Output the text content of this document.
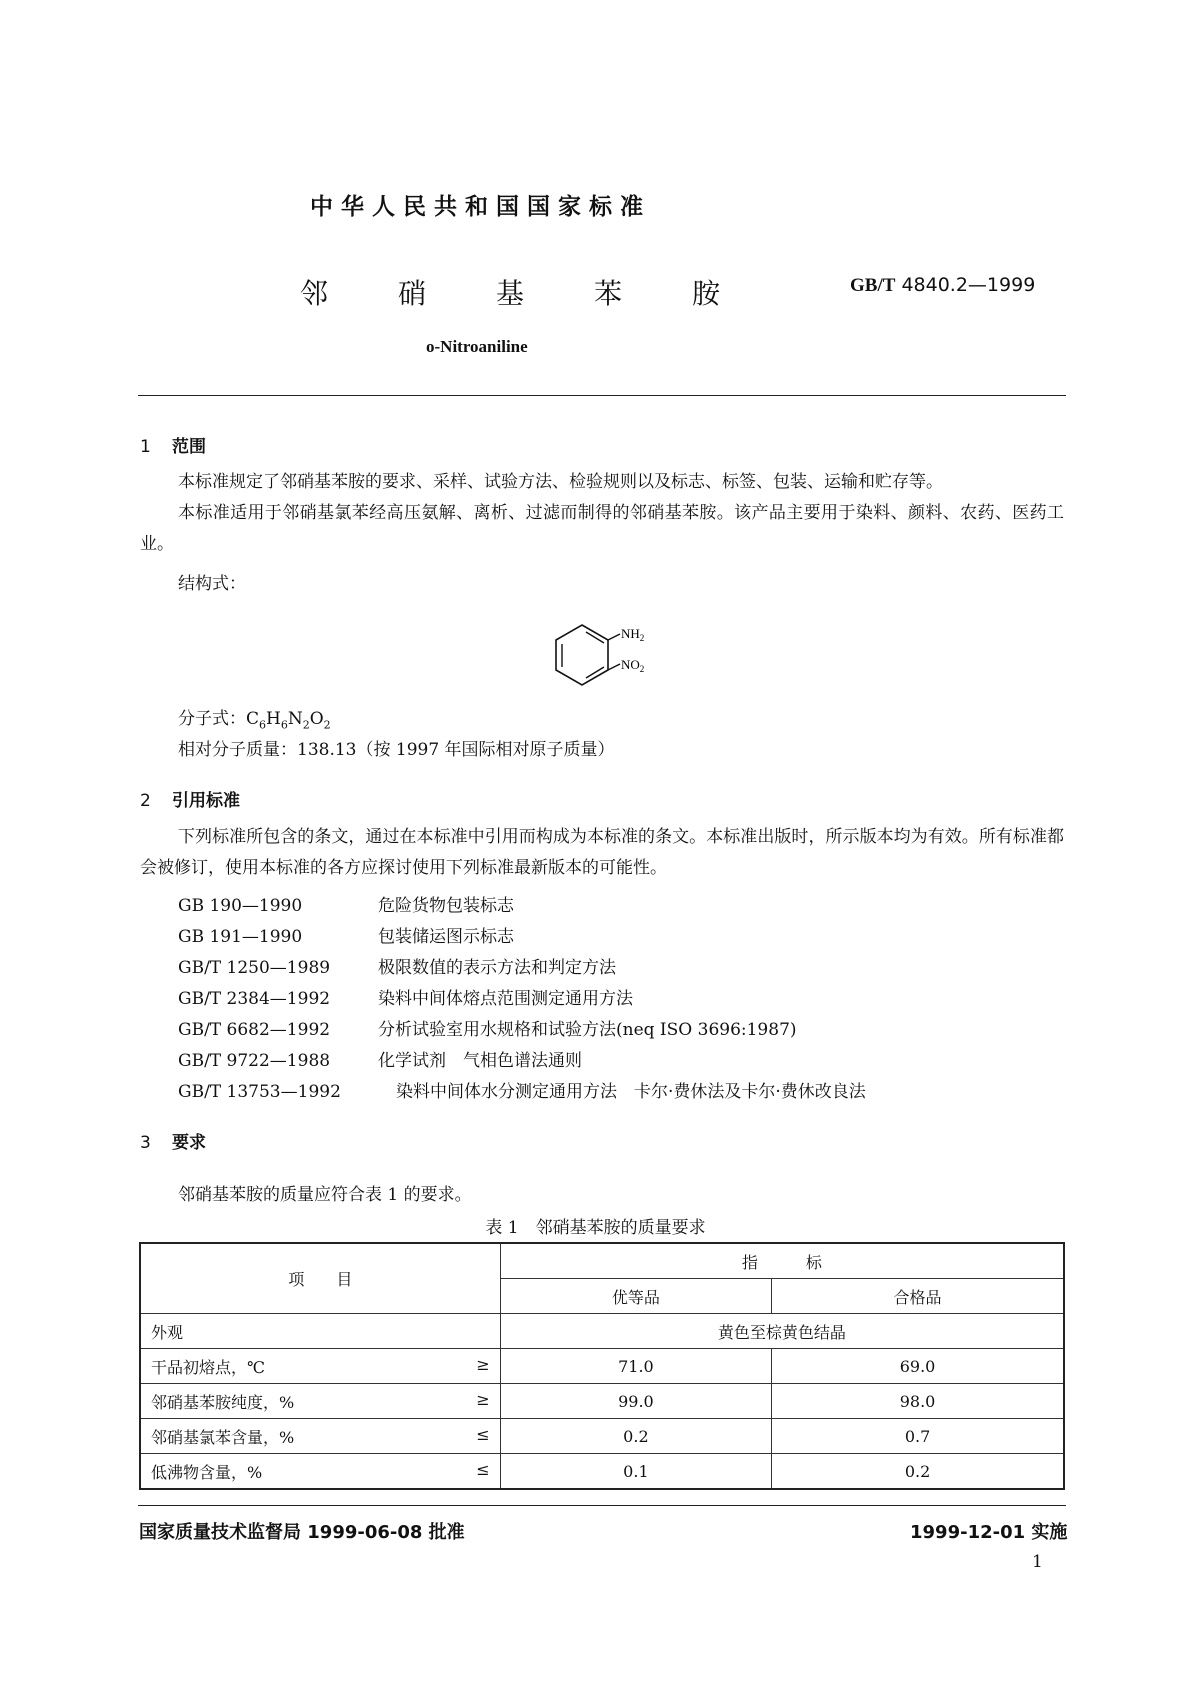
中华人民共和国国家标准
邻 硝 基 苯 胺	GB/T 4840.2—1999
o-Nitroaniline
1 范围
本标准规定了邻硝基苯胺的要求、采样、试验方法、检验规则以及标志、标签、包装、运输和贮存等。
本标准适用于邻硝基氯苯经高压氨解、离析、过滤而制得的邻硝基苯胺。该产品主要用于染料、颜料、农药、医药工业。
结构式：
$NH_2$
$NO_2$
分子式：$C_6H_6N_2O_2$
相对分子质量：138.13（按 1997 年国际相对原子质量）
2 引用标准
下列标准所包含的条文，通过在本标准中引用而构成为本标准的条文。本标准出版时，所示版本均为有效。所有标准都会被修订，使用本标准的各方应探讨使用下列标准最新版本的可能性。
GB 190—1990	危险货物包装标志
GB 191—1990	包装储运图示标志
GB/T 1250—1989	极限数值的表示方法和判定方法
GB/T 2384—1992	染料中间体熔点范围测定通用方法
GB/T 6682—1992	分析试验室用水规格和试验方法(neq ISO 3696:1987)
GB/T 9722—1988	化学试剂　气相色谱法通则
GB/T 13753—1992	染料中间体水分测定通用方法　卡尔·费休法及卡尔·费休改良法
3 要求
邻硝基苯胺的质量应符合表 1 的要求。
表 1　邻硝基苯胺的质量要求
项　　目	指　　　标	
	优等品	合格品
外观	黄色至棕黄色结晶	

干品初熔点，℃ ≥	71.0	69.0

邻硝基苯胺纯度，% ≥	99.0	98.0

邻硝基氯苯含量，% ≤	0.2	0.7

低沸物含量，% ≤	0.1	0.2
国家质量技术监督局 1999-06-08 批准	1999-12-01 实施
1
